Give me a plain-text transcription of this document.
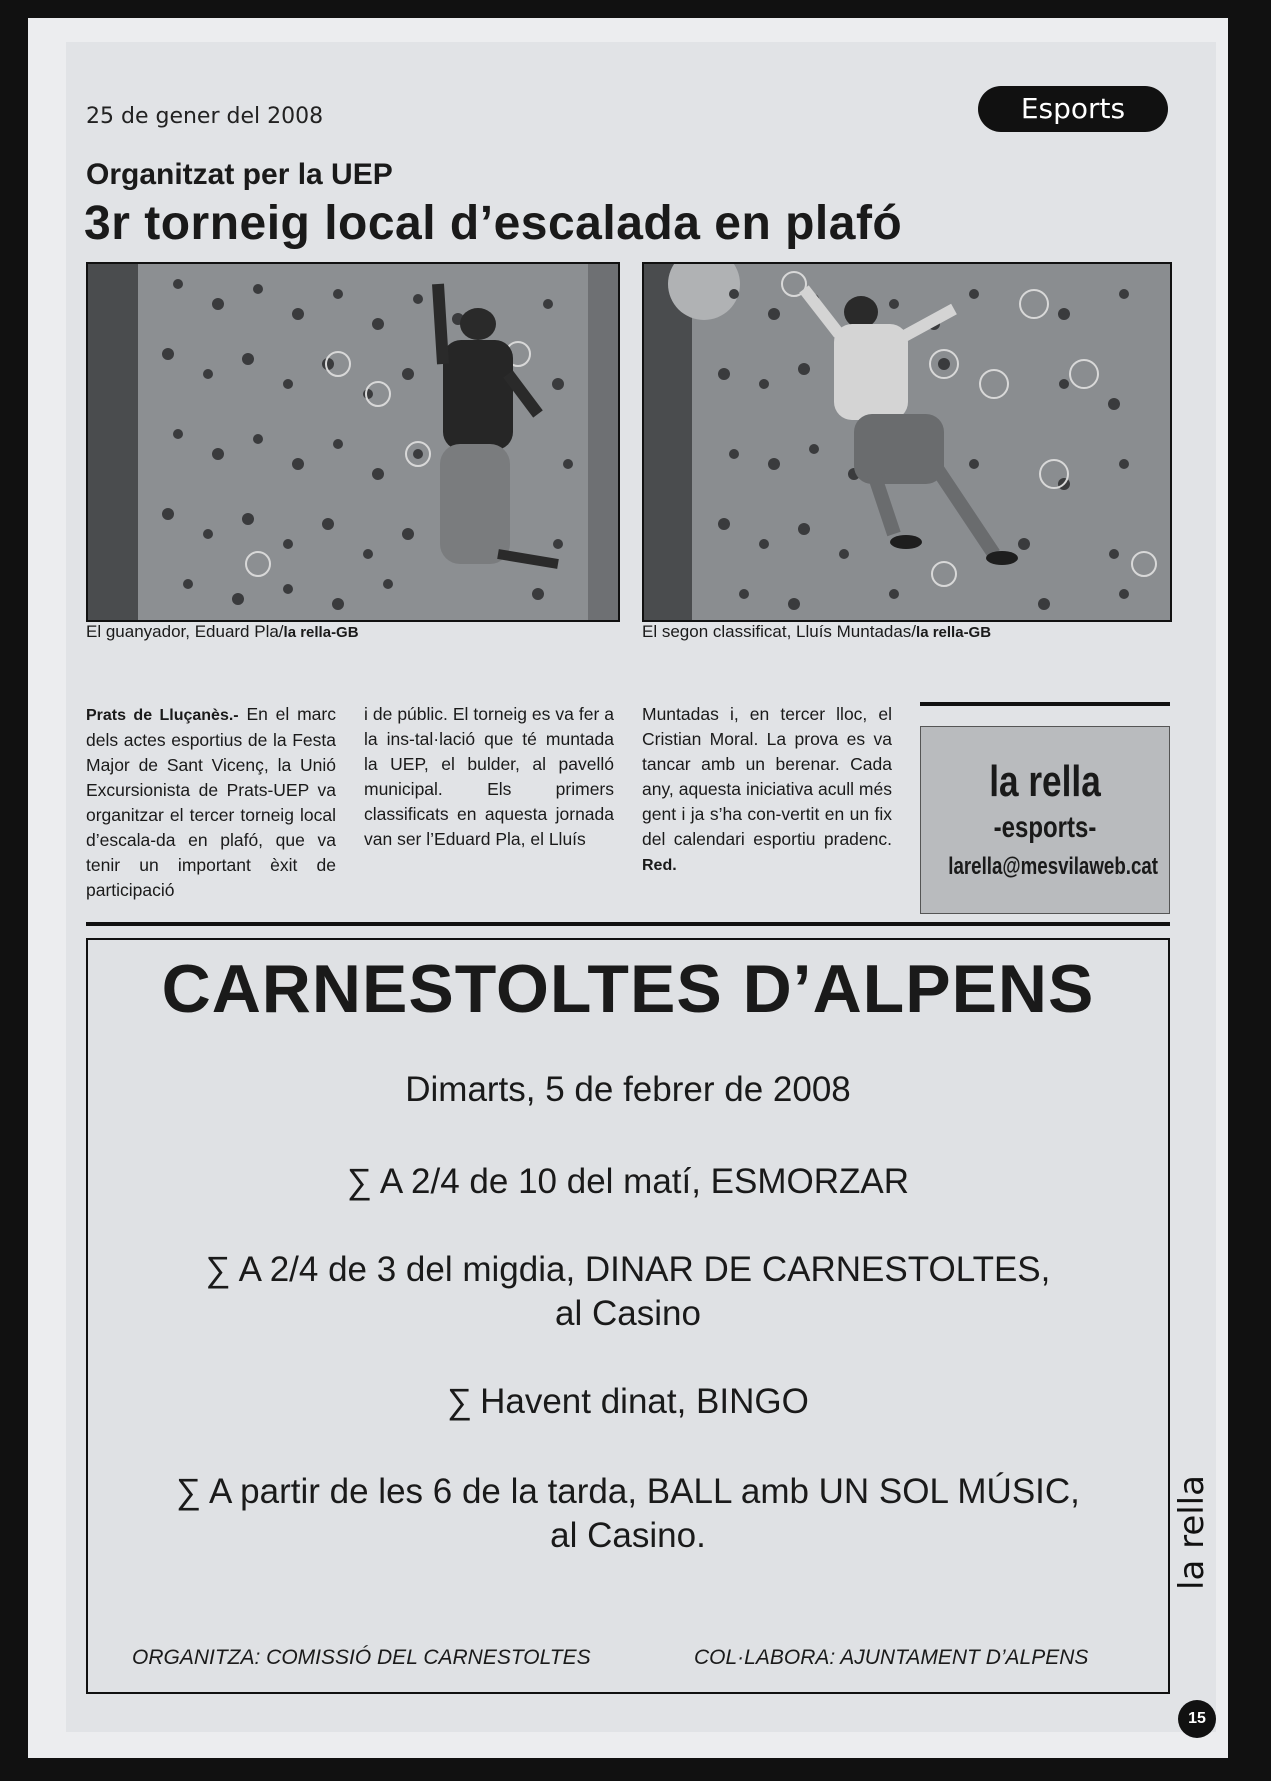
25 de gener del 2008	Esports
Organitzat per la UEP
3r torneig local d’escalada en plafó
El guanyador, Eduard Pla/la rella-GB	El segon classificat, Lluís Muntadas/la rella-GB
Prats de Lluçanès.- En el marc dels actes esportius de la Festa Major de Sant Vicenç, la Unió Excursionista de Prats-UEP va organitzar el tercer torneig local d’escala-da en plafó, que va tenir un important èxit de participació
i de públic. El torneig es va fer a la ins-tal·lació que té muntada la UEP, el bulder, al pavelló municipal. Els primers classificats en aquesta jornada van ser l’Eduard Pla, el Lluís
Muntadas i, en tercer lloc, el Cristian Moral. La prova es va tancar amb un berenar. Cada any, aquesta iniciativa acull més gent i ja s’ha con-vertit en un fix del calendari esportiu pradenc. Red.
la rella
-esports-
larella@mesvilaweb.cat
CARNESTOLTES D’ALPENS
Dimarts, 5 de febrer de 2008
∑ A 2/4 de 10 del matí, ESMORZAR
∑ A 2/4 de 3 del migdia, DINAR DE CARNESTOLTES,
al Casino
∑ Havent dinat, BINGO
∑ A partir de les 6 de la tarda, BALL amb UN SOL MÚSIC,
al Casino.
ORGANITZA: COMISSIÓ DEL CARNESTOLTES	COL·LABORA: AJUNTAMENT D’ALPENS
la rella
15
